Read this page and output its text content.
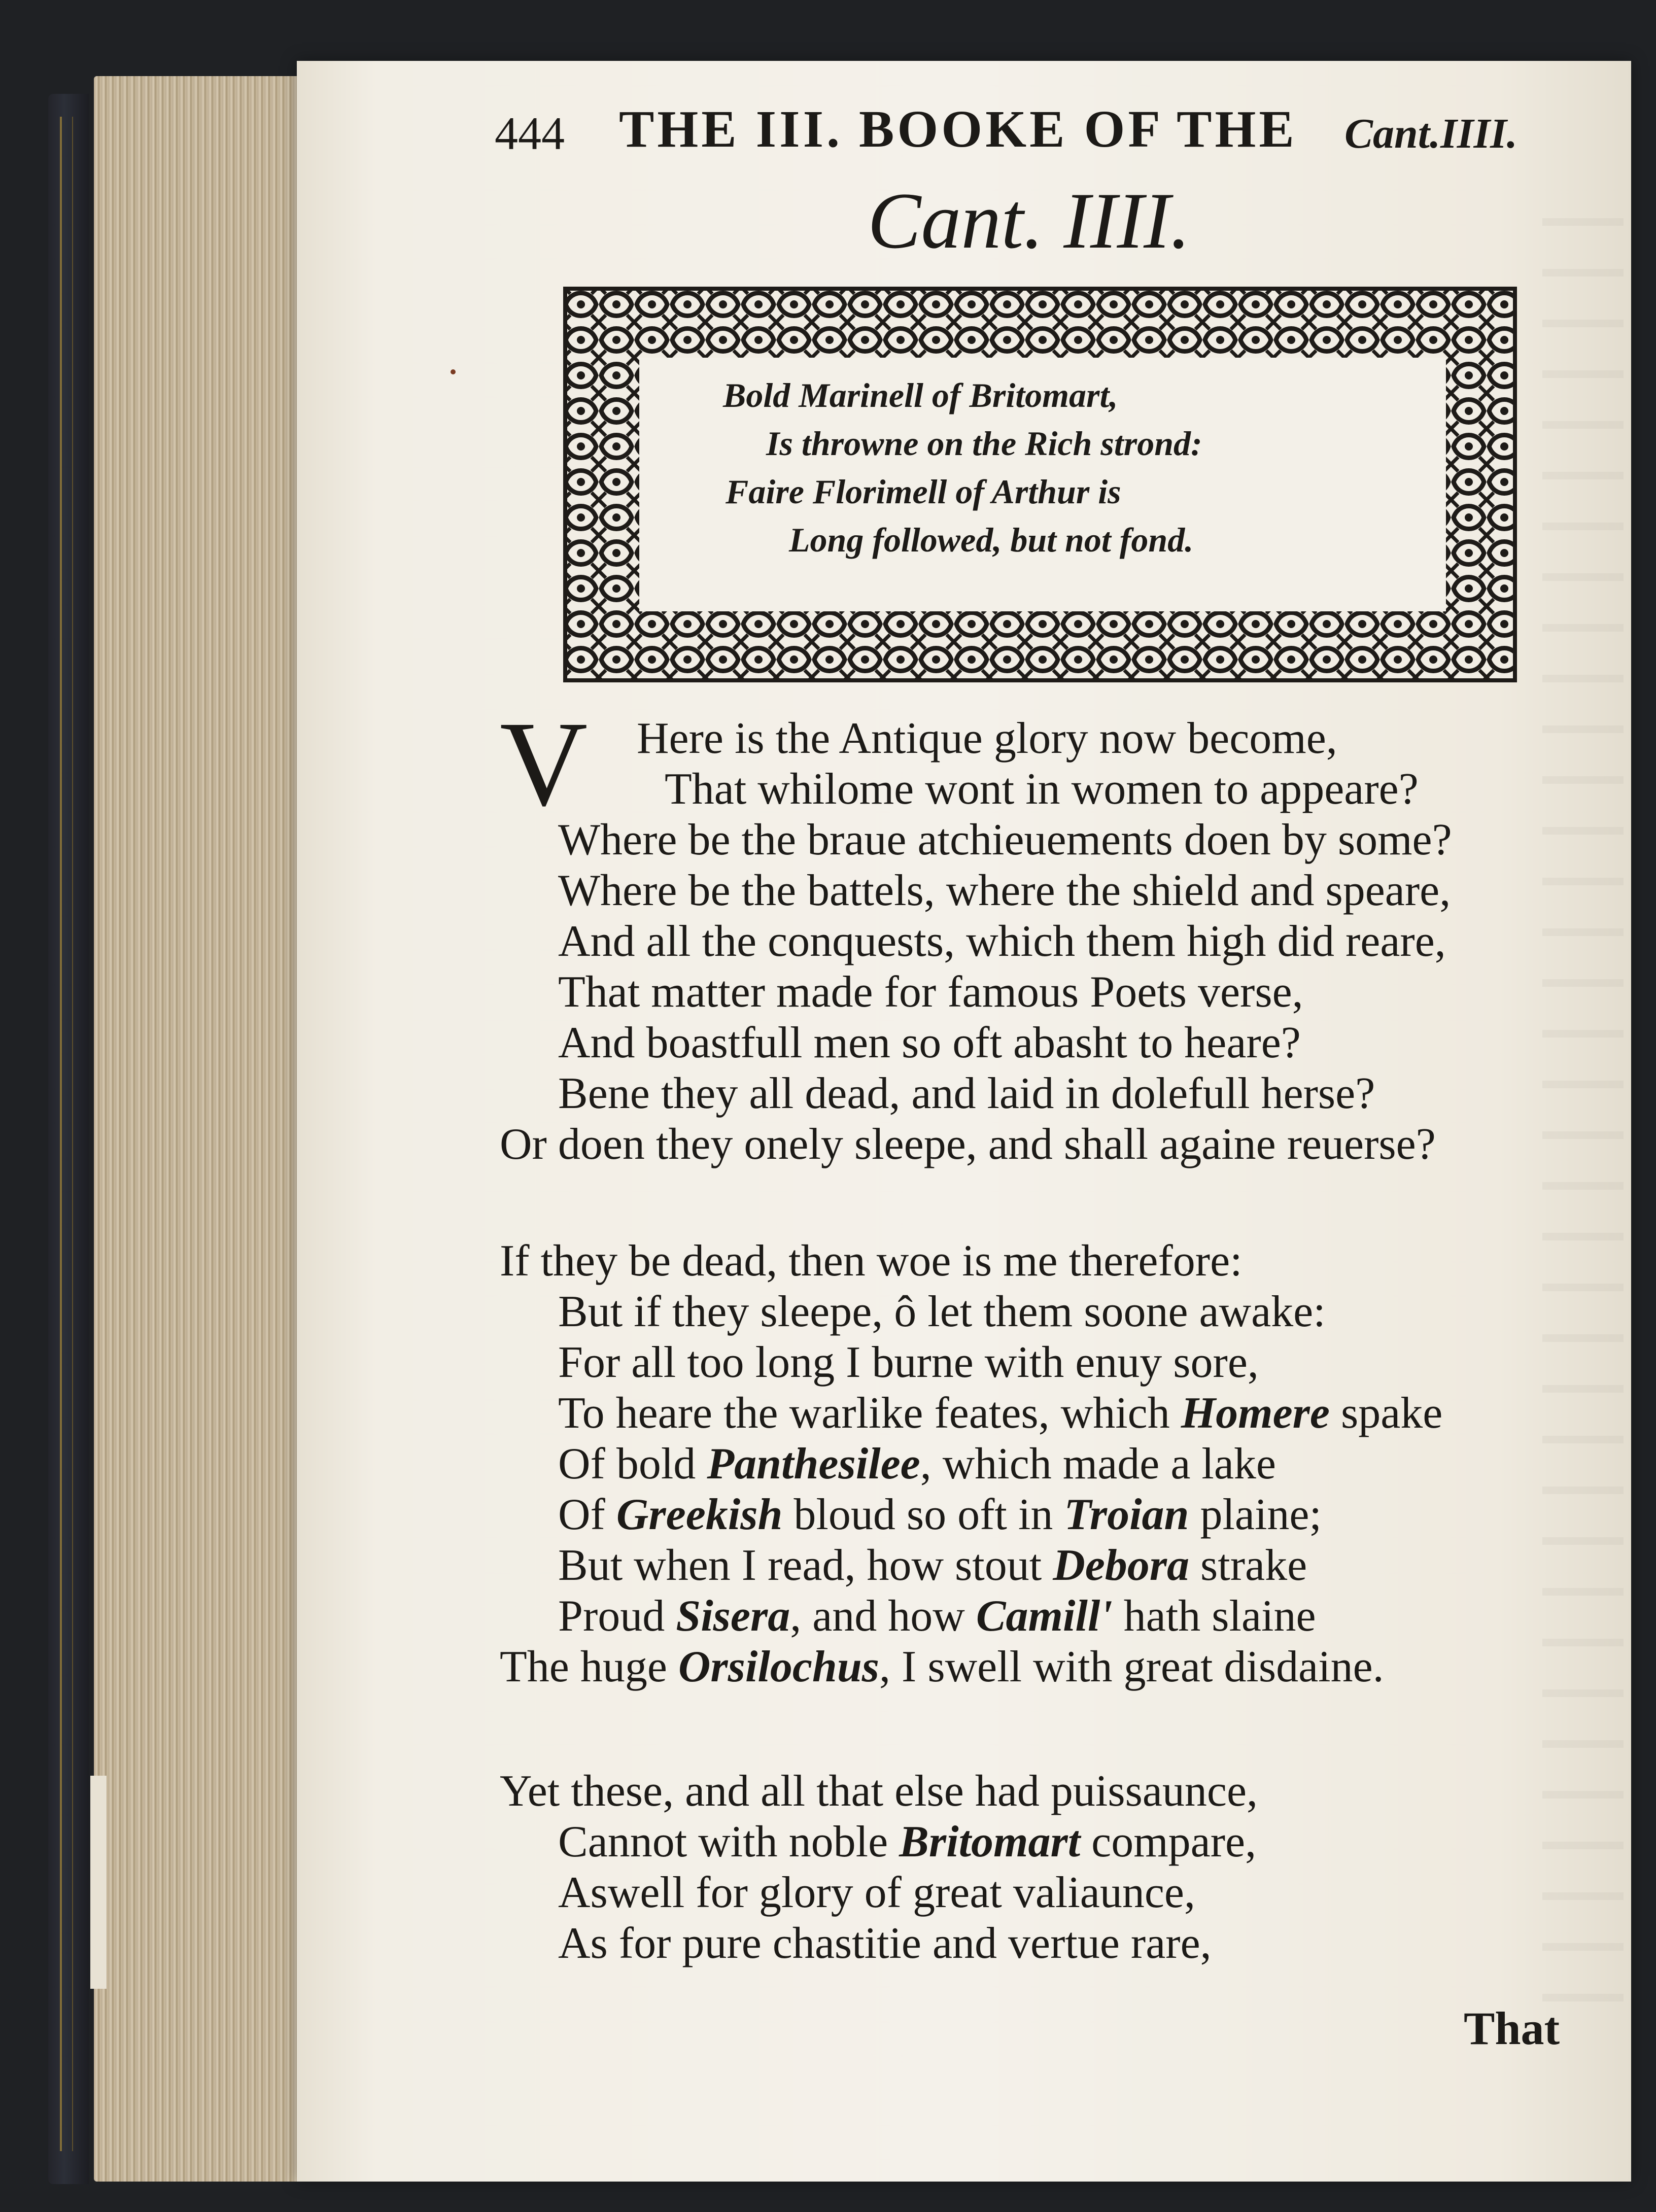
444 THE III. BOOKE OF THE Cant.IIII.
Cant. IIII.
Bold Marinell of Britomart,
Is throwne on the Rich strond:
Faire Florimell of Arthur is
Long followed, but not fond.
V Here is the Antique glory now become,
That whilome wont in women to appeare?
Where be the braue atchieuements doen by some?
Where be the battels, where the shield and speare,
And all the conquests, which them high did reare,
That matter made for famous Poets verse,
And boastfull men so oft abasht to heare?
Bene they all dead, and laid in dolefull herse?
Or doen they onely sleepe, and shall againe reuerse?
If they be dead, then woe is me therefore:
But if they sleepe, ô let them soone awake:
For all too long I burne with enuy sore,
To heare the warlike feates, which Homere spake
Of bold Panthesilee, which made a lake
Of Greekish bloud so oft in Troian plaine;
But when I read, how stout Debora strake
Proud Sisera, and how Camill' hath slaine
The huge Orsilochus, I swell with great disdaine.
Yet these, and all that else had puissaunce,
Cannot with noble Britomart compare,
Aswell for glory of great valiaunce,
As for pure chastitie and vertue rare,
That
